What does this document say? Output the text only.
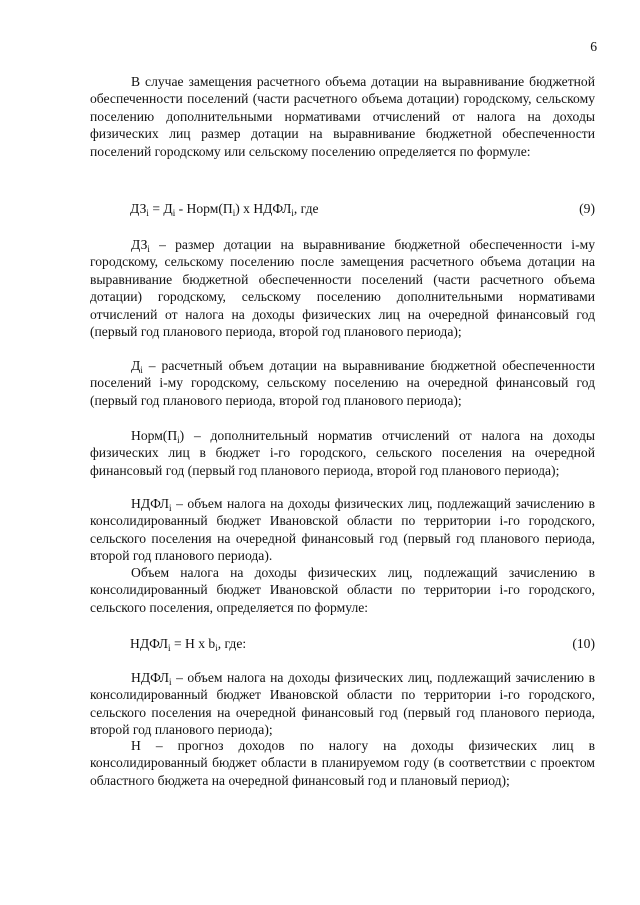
6

В случае замещения расчетного объема дотации на выравнивание бюджетной обеспеченности поселений (части расчетного объема дотации) городскому, сельскому поселению дополнительными нормативами отчислений от налога на доходы физических лиц размер дотации на выравнивание бюджетной обеспеченности поселений городскому или сельскому поселению определяется по формуле:

$ДЗ_i = Д_i$ - $Норм(П_i)$ х $НДФЛ_i$, где	(9)

$ДЗ_i$ – размер дотации на выравнивание бюджетной обеспеченности i-му городскому, сельскому поселению после замещения расчетного объема дотации на выравнивание бюджетной обеспеченности поселений (части расчетного объема дотации) городскому, сельскому поселению дополнительными нормативами отчислений от налога на доходы физических лиц на очередной финансовый год (первый год планового периода, второй год планового периода);

$Д_i$ – расчетный объем дотации на выравнивание бюджетной обеспеченности поселений i-му городскому, сельскому поселению на очередной финансовый год (первый год планового периода, второй год планового периода);

$Норм(П_i)$ – дополнительный норматив отчислений от налога на доходы физических лиц в бюджет i-го городского, сельского поселения на очередной финансовый год (первый год планового периода, второй год планового периода);

$НДФЛ_i$ – объем налога на доходы физических лиц, подлежащий зачислению в консолидированный бюджет Ивановской области по территории i-го городского, сельского поселения на очередной финансовый год (первый год планового периода, второй год планового периода).

Объем налога на доходы физических лиц, подлежащий зачислению в консолидированный бюджет Ивановской области по территории i-го городского, сельского поселения, определяется по формуле:

$НДФЛ_i = Н$ х $b_i$, где:	(10)

$НДФЛ_i$ – объем налога на доходы физических лиц, подлежащий зачислению в консолидированный бюджет Ивановской области по территории i-го городского, сельского поселения на очередной финансовый год (первый год планового периода, второй год планового периода);

Н – прогноз доходов по налогу на доходы физических лиц в консолидированный бюджет области в планируемом году (в соответствии с проектом областного бюджета на очередной финансовый год и плановый период);
